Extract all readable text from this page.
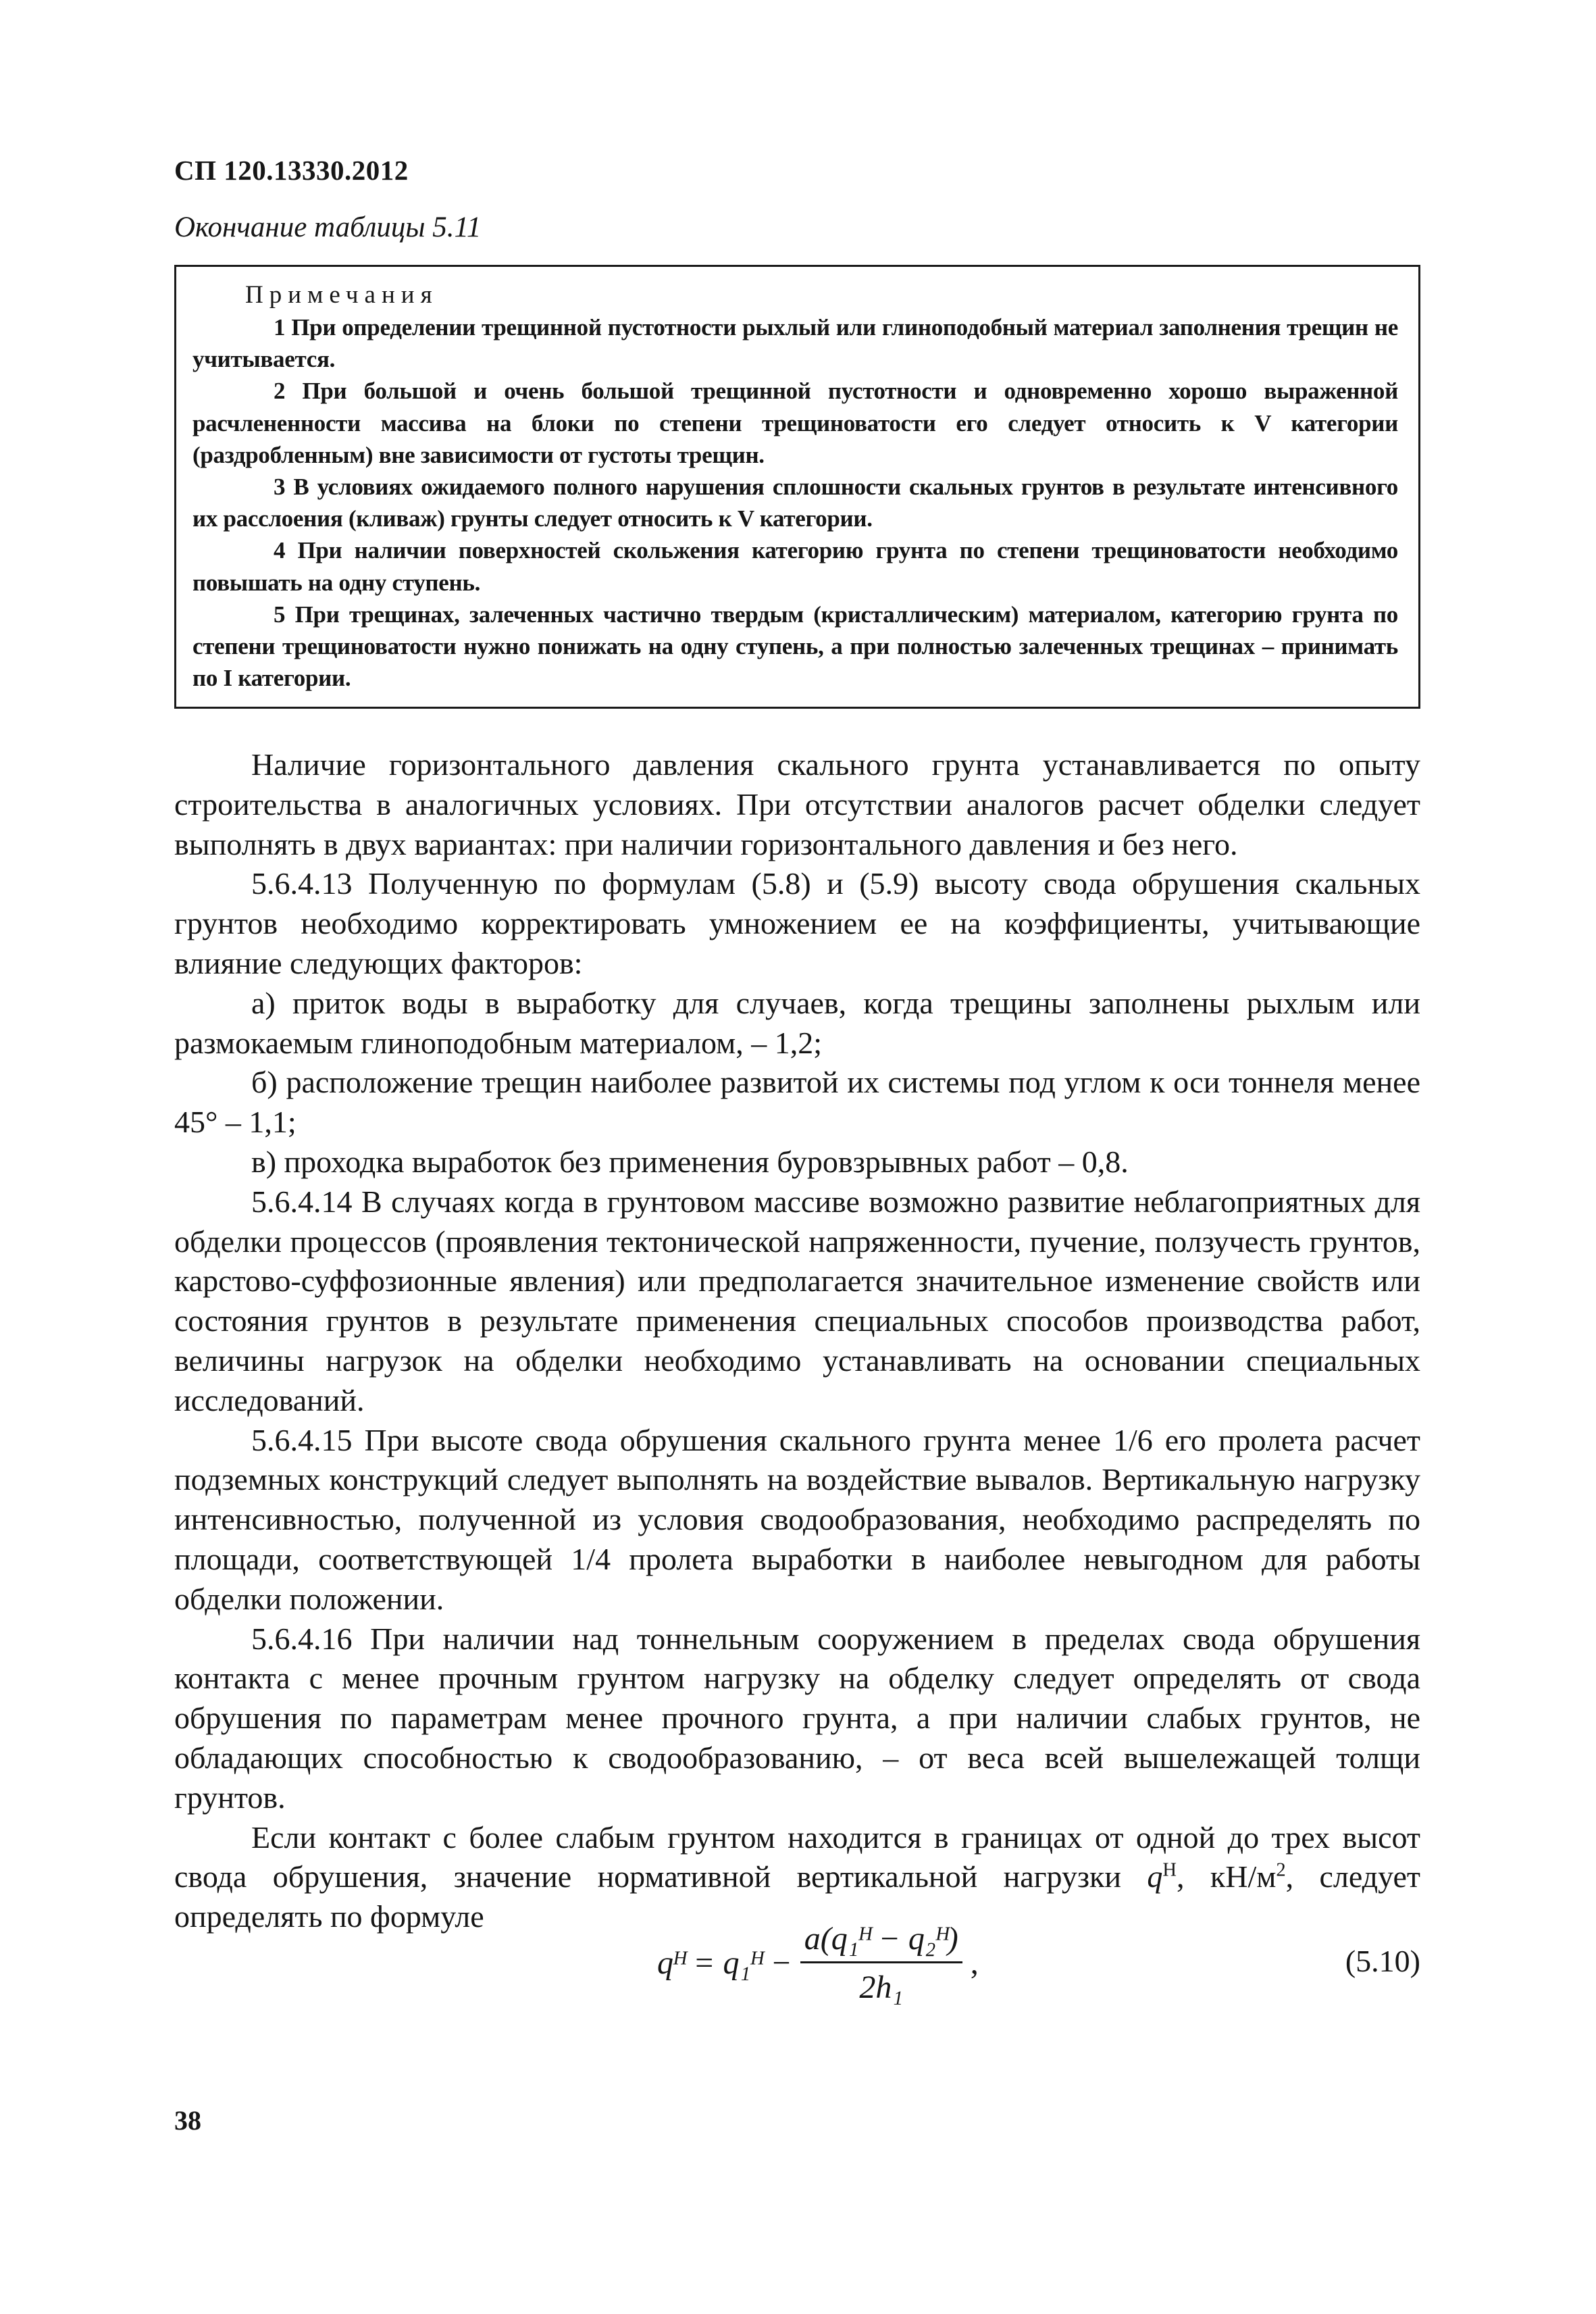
СП 120.13330.2012
Окончание таблицы 5.11
Примечания
1 При определении трещинной пустотности рыхлый или глиноподобный материал заполнения трещин не учитывается.
2 При большой и очень большой трещинной пустотности и одновременно хорошо выраженной расчлененности массива на блоки по степени трещиноватости его следует относить к V категории (раздробленным) вне зависимости от густоты трещин.
3 В условиях ожидаемого полного нарушения сплошности скальных грунтов в результате интенсивного их расслоения (кливаж) грунты следует относить к V категории.
4 При наличии поверхностей скольжения категорию грунта по степени трещиноватости необходимо повышать на одну ступень.
5 При трещинах, залеченных частично твердым (кристаллическим) материалом, категорию грунта по степени трещиноватости нужно понижать на одну ступень, а при полностью залеченных трещинах – принимать по I категории.
Наличие горизонтального давления скального грунта устанавливается по опыту строительства в аналогичных условиях. При отсутствии аналогов расчет обделки следует выполнять в двух вариантах: при наличии горизонтального давления и без него.
5.6.4.13 Полученную по формулам (5.8) и (5.9) высоту свода обрушения скальных грунтов необходимо корректировать умножением ее на коэффициенты, учитывающие влияние следующих факторов:
а) приток воды в выработку для случаев, когда трещины заполнены рыхлым или размокаемым глиноподобным материалом, – 1,2;
б) расположение трещин наиболее развитой их системы под углом к оси тоннеля менее 45° – 1,1;
в) проходка выработок без применения буровзрывных работ – 0,8.
5.6.4.14 В случаях когда в грунтовом массиве возможно развитие неблагоприятных для обделки процессов (проявления тектонической напряженности, пучение, ползучесть грунтов, карстово-суффозионные явления) или предполагается значительное изменение свойств или состояния грунтов в результате применения специальных способов производства работ, величины нагрузок на обделки необходимо устанавливать на основании специальных исследований.
5.6.4.15 При высоте свода обрушения скального грунта менее 1/6 его пролета расчет подземных конструкций следует выполнять на воздействие вывалов. Вертикальную нагрузку интенсивностью, полученной из условия сводообразования, необходимо распределять по площади, соответствующей 1/4 пролета выработки в наиболее невыгодном для работы обделки положении.
5.6.4.16 При наличии над тоннельным сооружением в пределах свода обрушения контакта с менее прочным грунтом нагрузку на обделку следует определять от свода обрушения по параметрам менее прочного грунта, а при наличии слабых грунтов, не обладающих способностью к сводообразованию, – от веса всей вышележащей толщи грунтов.
Если контакт с более слабым грунтом находится в границах от одной до трех высот свода обрушения, значение нормативной вертикальной нагрузки $q^Н$, $кН/м^2$, следует определять по формуле
qᴴ = q₁ᴴ − $\frac{\text{a(q₁ᴴ − q₂ᴴ)}}{\text{2h₁}}$ ,	(5.10)
38
